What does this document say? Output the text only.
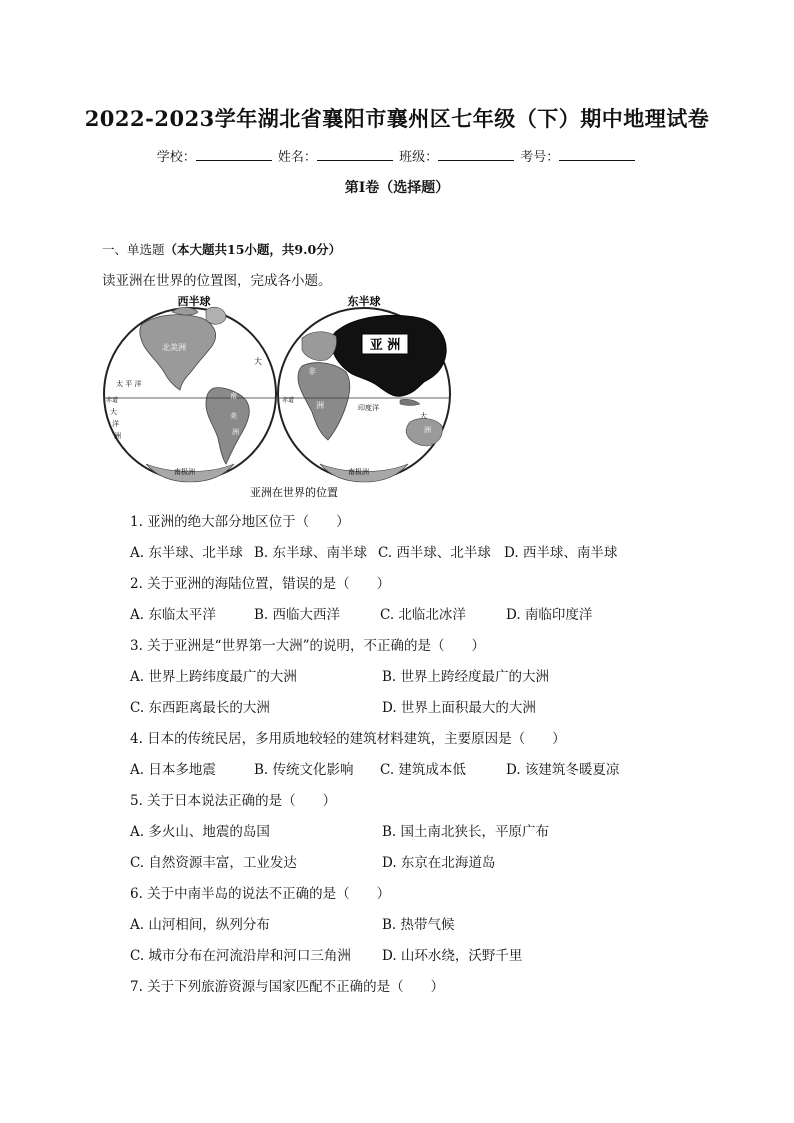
2022-2023学年湖北省襄阳市襄州区七年级（下）期中地理试卷
学校：	姓名：	班级：	考号：
第I卷（选择题）
一、单选题（本大题共15小题，共9.0分）
读亚洲在世界的位置图，完成各小题。
西半球	东半球
北美洲
大
太 平 洋
南
美
洲
赤道
大
洋
洲
南极洲
亚 洲
非
洲	印度洋
大
洲
南极洲
赤道
亚洲在世界的位置
1. 亚洲的绝大部分地区位于（　　）
A. 东半球、北半球 B. 东半球、南半球 C. 西半球、北半球 D. 西半球、南半球
2. 关于亚洲的海陆位置，错误的是（　　）
A. 东临太平洋	B. 西临大西洋	C. 北临北冰洋	D. 南临印度洋
3. 关于亚洲是“世界第一大洲”的说明，不正确的是（　　）
A. 世界上跨纬度最广的大洲	B. 世界上跨经度最广的大洲
C. 东西距离最长的大洲	D. 世界上面积最大的大洲
4. 日本的传统民居，多用质地较轻的建筑材料建筑，主要原因是（　　）
A. 日本多地震	B. 传统文化影响 C. 建筑成本低	D. 该建筑冬暖夏凉
5. 关于日本说法正确的是（　　）
A. 多火山、地震的岛国	B. 国土南北狭长，平原广布
C. 自然资源丰富，工业发达	D. 东京在北海道岛
6. 关于中南半岛的说法不正确的是（　　）
A. 山河相间，纵列分布	B. 热带气候
C. 城市分布在河流沿岸和河口三角洲 D. 山环水绕，沃野千里
7. 关于下列旅游资源与国家匹配不正确的是（　　）
